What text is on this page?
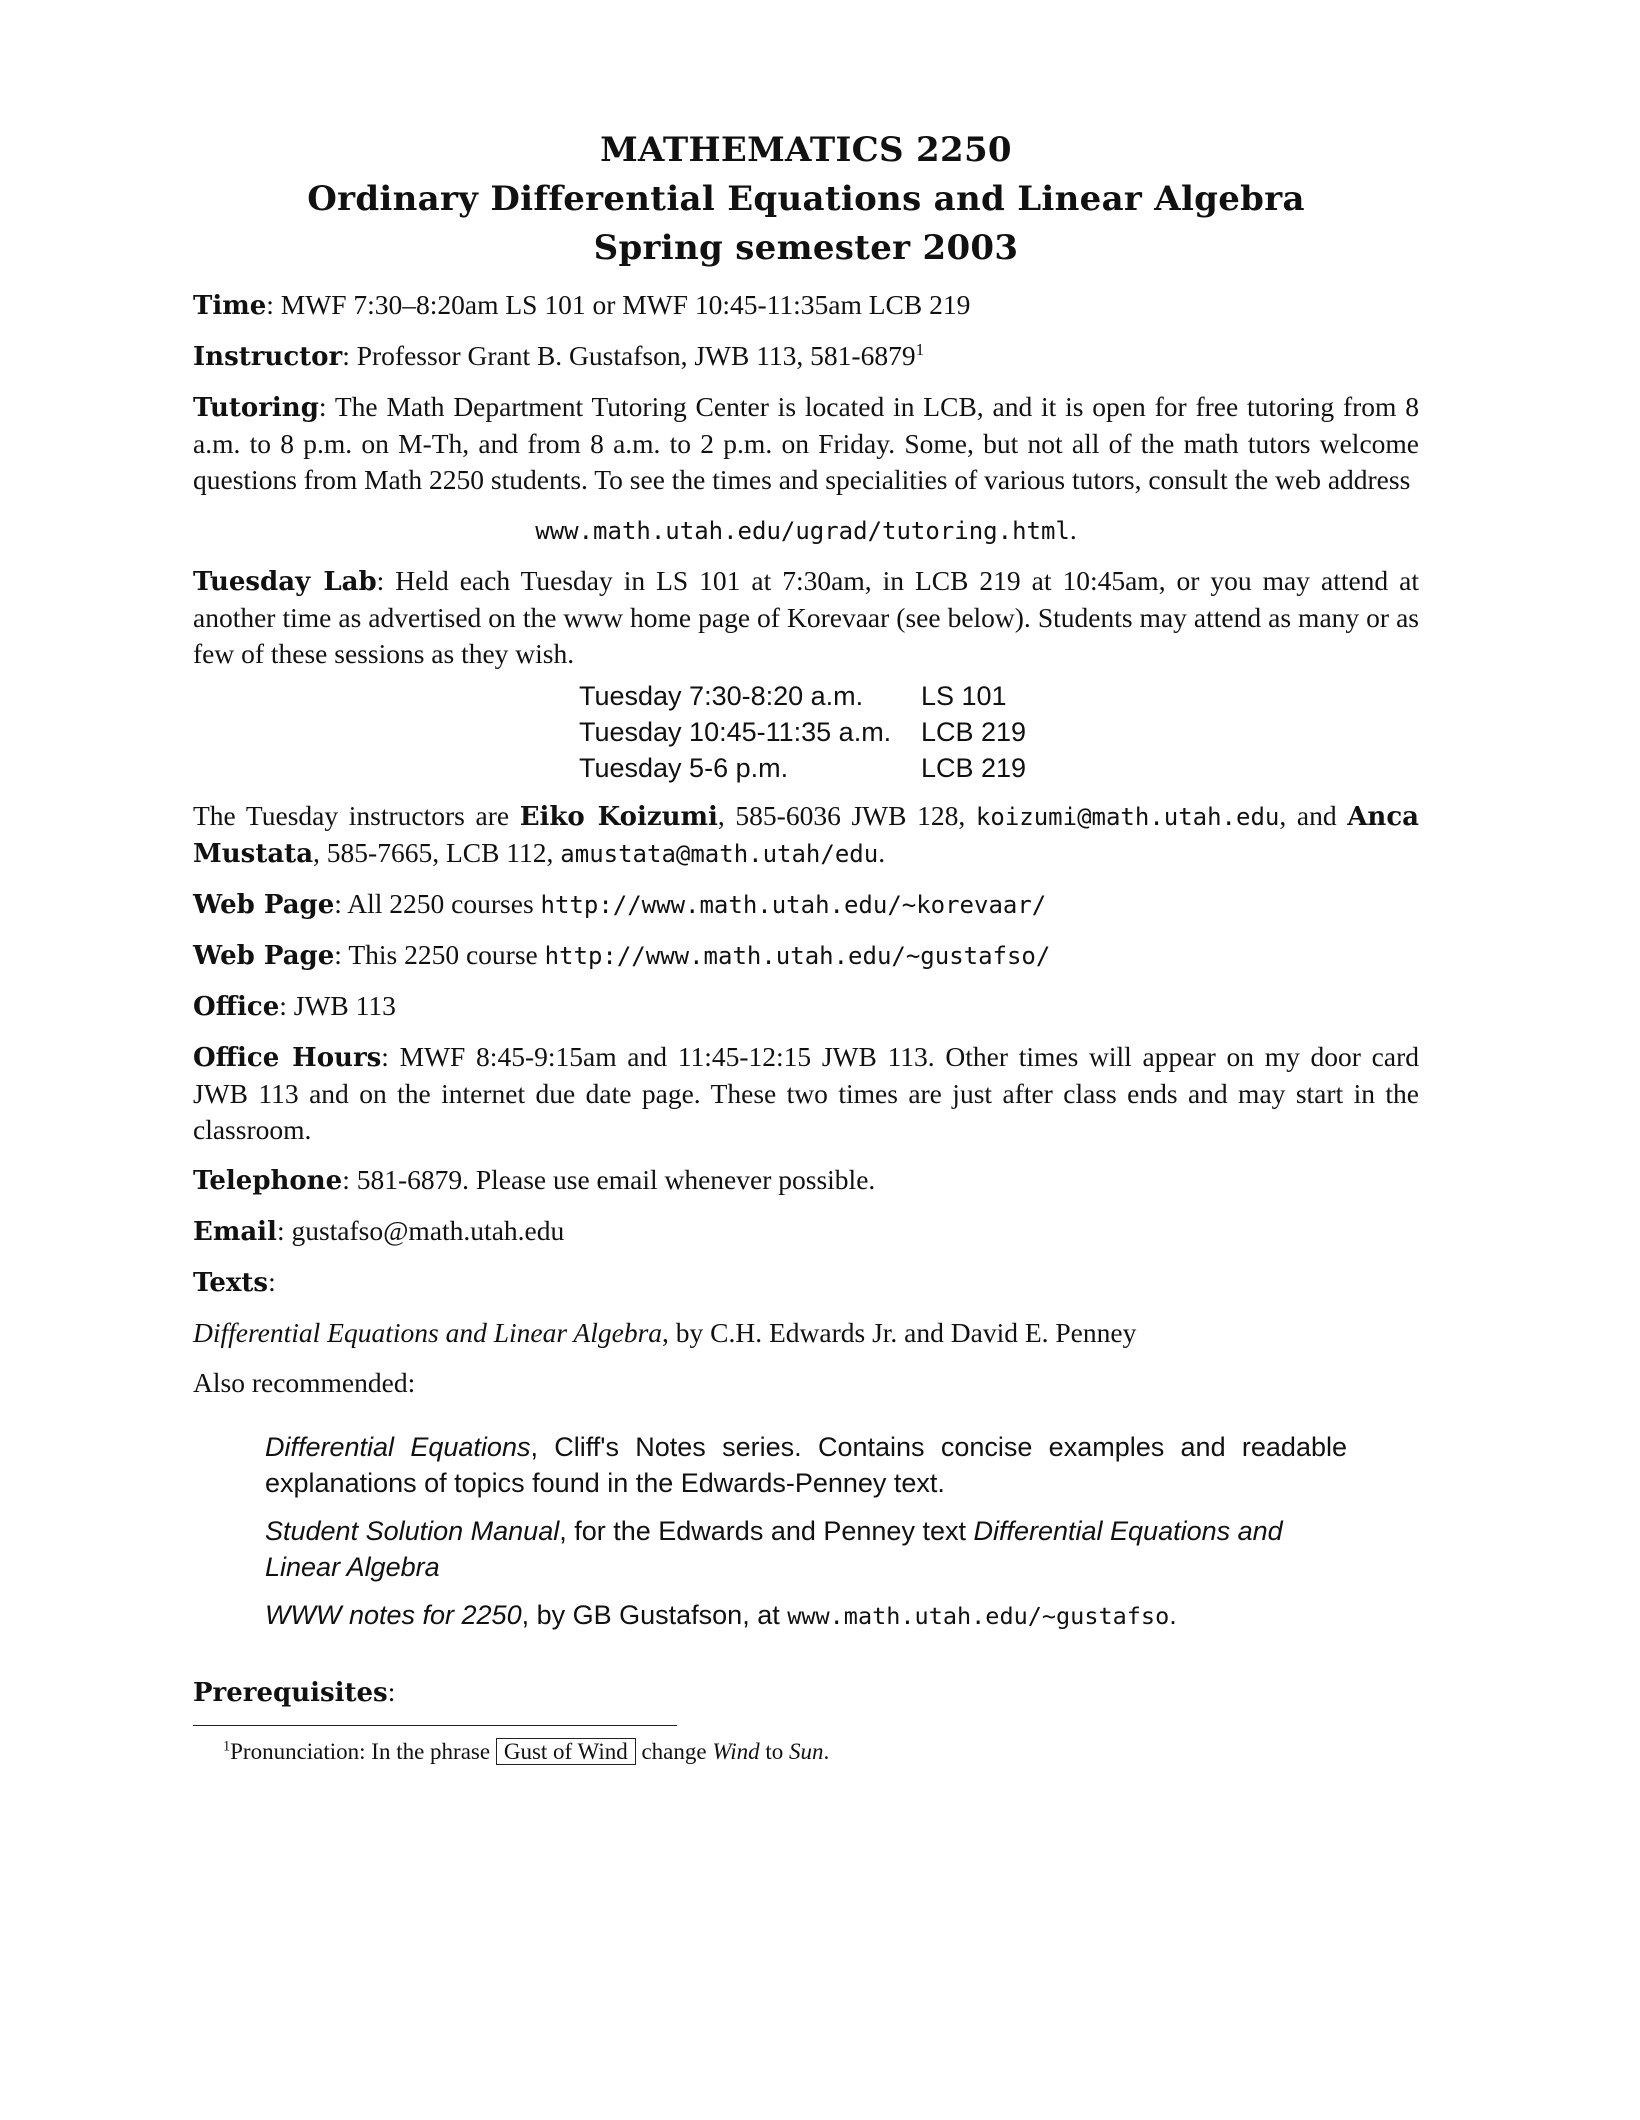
MATHEMATICS 2250
Ordinary Differential Equations and Linear Algebra
Spring semester 2003

Time: MWF 7:30–8:20am LS 101 or MWF 10:45-11:35am LCB 219

Instructor: Professor Grant B. Gustafson, JWB 113, 581-6879$^1$

Tutoring: The Math Department Tutoring Center is located in LCB, and it is open for free tutoring from 8 a.m. to 8 p.m. on M-Th, and from 8 a.m. to 2 p.m. on Friday. Some, but not all of the math tutors welcome questions from Math 2250 students. To see the times and specialities of various tutors, consult the web address

www.math.utah.edu/ugrad/tutoring.html.

Tuesday Lab: Held each Tuesday in LS 101 at 7:30am, in LCB 219 at 10:45am, or you may attend at another time as advertised on the www home page of Korevaar (see below). Students may attend as many or as few of these sessions as they wish.

Tuesday 7:30-8:20 a.m.	LS 101
Tuesday 10:45-11:35 a.m.	LCB 219
Tuesday 5-6 p.m.	LCB 219

The Tuesday instructors are Eiko Koizumi, 585-6036 JWB 128, koizumi@math.utah.edu, and Anca Mustata, 585-7665, LCB 112, amustata@math.utah/edu.

Web Page: All 2250 courses http://www.math.utah.edu/~korevaar/

Web Page: This 2250 course http://www.math.utah.edu/~gustafso/

Office: JWB 113

Office Hours: MWF 8:45-9:15am and 11:45-12:15 JWB 113. Other times will appear on my door card JWB 113 and on the internet due date page. These two times are just after class ends and may start in the classroom.

Telephone: 581-6879. Please use email whenever possible.

Email: gustafso@math.utah.edu

Texts:

Differential Equations and Linear Algebra, by C.H. Edwards Jr. and David E. Penney

Also recommended:

Differential Equations, Cliff's Notes series. Contains concise examples and readable explanations of topics found in the Edwards-Penney text.

Student Solution Manual, for the Edwards and Penney text Differential Equations and Linear Algebra

WWW notes for 2250, by GB Gustafson, at www.math.utah.edu/~gustafso.

Prerequisites:

$^1$Pronunciation: In the phrase Gust of Wind change Wind to Sun.
